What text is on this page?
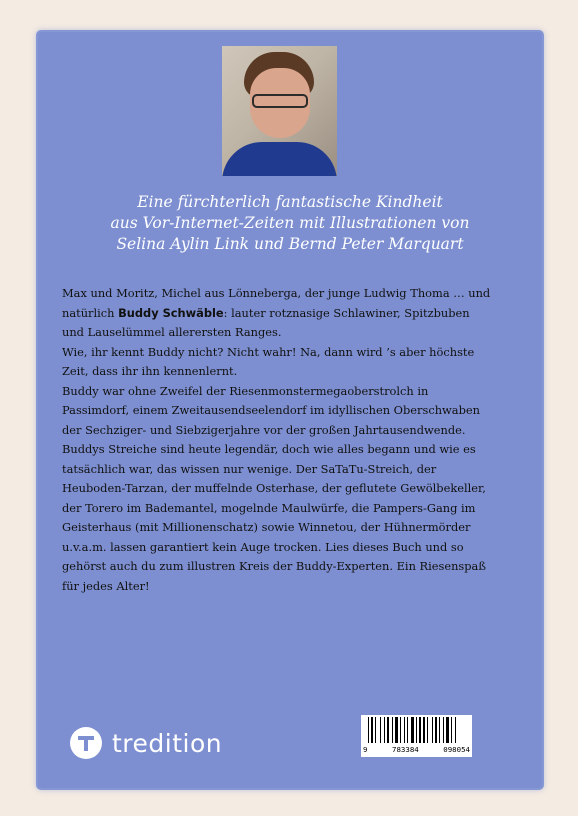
Eine fürchterlich fantastische Kindheit
aus Vor-Internet-Zeiten mit Illustrationen von
Selina Aylin Link und Bernd Peter Marquart

Max und Moritz, Michel aus Lönneberga, der junge Ludwig Thoma … und natürlich Buddy Schwäble: lauter rotznasige Schlawiner, Spitzbuben und Lauselümmel allerersten Ranges.

Wie, ihr kennt Buddy nicht? Nicht wahr! Na, dann wird ’s aber höchste Zeit, dass ihr ihn kennenlernt.

Buddy war ohne Zweifel der Riesenmonstermegaoberstrolch in Passimdorf, einem Zweitausendseelendorf im idyllischen Oberschwaben der Sechziger- und Siebzigerjahre vor der großen Jahrtausendwende. Buddys Streiche sind heute legendär, doch wie alles begann und wie es tatsächlich war, das wissen nur wenige. Der SaTaTu-Streich, der Heuboden-Tarzan, der muffelnde Osterhase, der geflutete Gewölbekeller, der Torero im Bademantel, mogelnde Maulwürfe, die Pampers-Gang im Geisterhaus (mit Millionenschatz) sowie Winnetou, der Hühnermörder u.v.a.m. lassen garantiert kein Auge trocken. Lies dieses Buch und so gehörst auch du zum illustren Kreis der Buddy-Experten. Ein Riesenspaß für jedes Alter!

tredition	9	783384	098054
